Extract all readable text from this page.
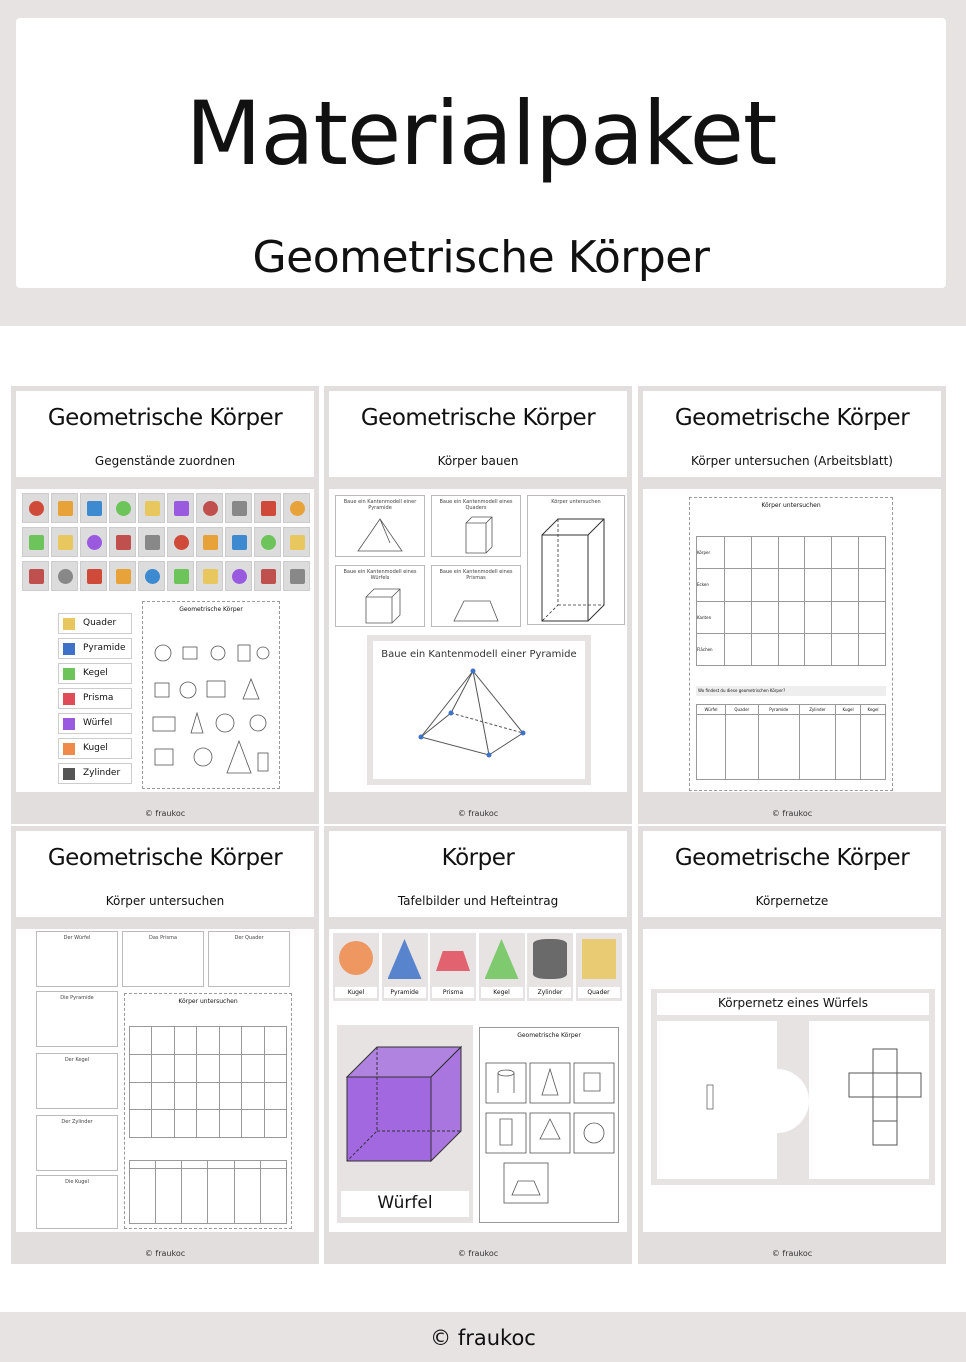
Materialpaket
Geometrische Körper
Geometrische Körper
Gegenstände zuordnen
Quader
Pyramide
Kegel
Prisma
Würfel
Kugel
Zylinder
Geometrische Körper
© fraukoc
Geometrische Körper
Körper bauen
Baue ein Kantenmodell einer Pyramide
Baue ein Kantenmodell eines Quaders
Baue ein Kantenmodell eines Würfels
Baue ein Kantenmodell eines Prismas
Körper untersuchen
Baue ein Kantenmodell einer Pyramide
© fraukoc
Geometrische Körper
Körper untersuchen (Arbeitsblatt)
Körper untersuchen
Körper						
Ecken						
Kanten						
Flächen						
Wo findest du diese geometrischen Körper?
Würfel	Quader	Pyramide	Zylinder	Kugel	Kegel

© fraukoc
Geometrische Körper
Körper untersuchen
Der Würfel	Das Prisma	Der Quader
Die Pyramide
Der Kegel
Der Zylinder
Die Kugel
Körper untersuchen

© fraukoc
Körper
Tafelbilder und Hefteintrag
Kugel	Pyramide	Prisma	Kegel	Zylinder	Quader
Würfel
Geometrische Körper
© fraukoc
Geometrische Körper
Körpernetze
Körpernetz eines Würfels
© fraukoc
© fraukoc
